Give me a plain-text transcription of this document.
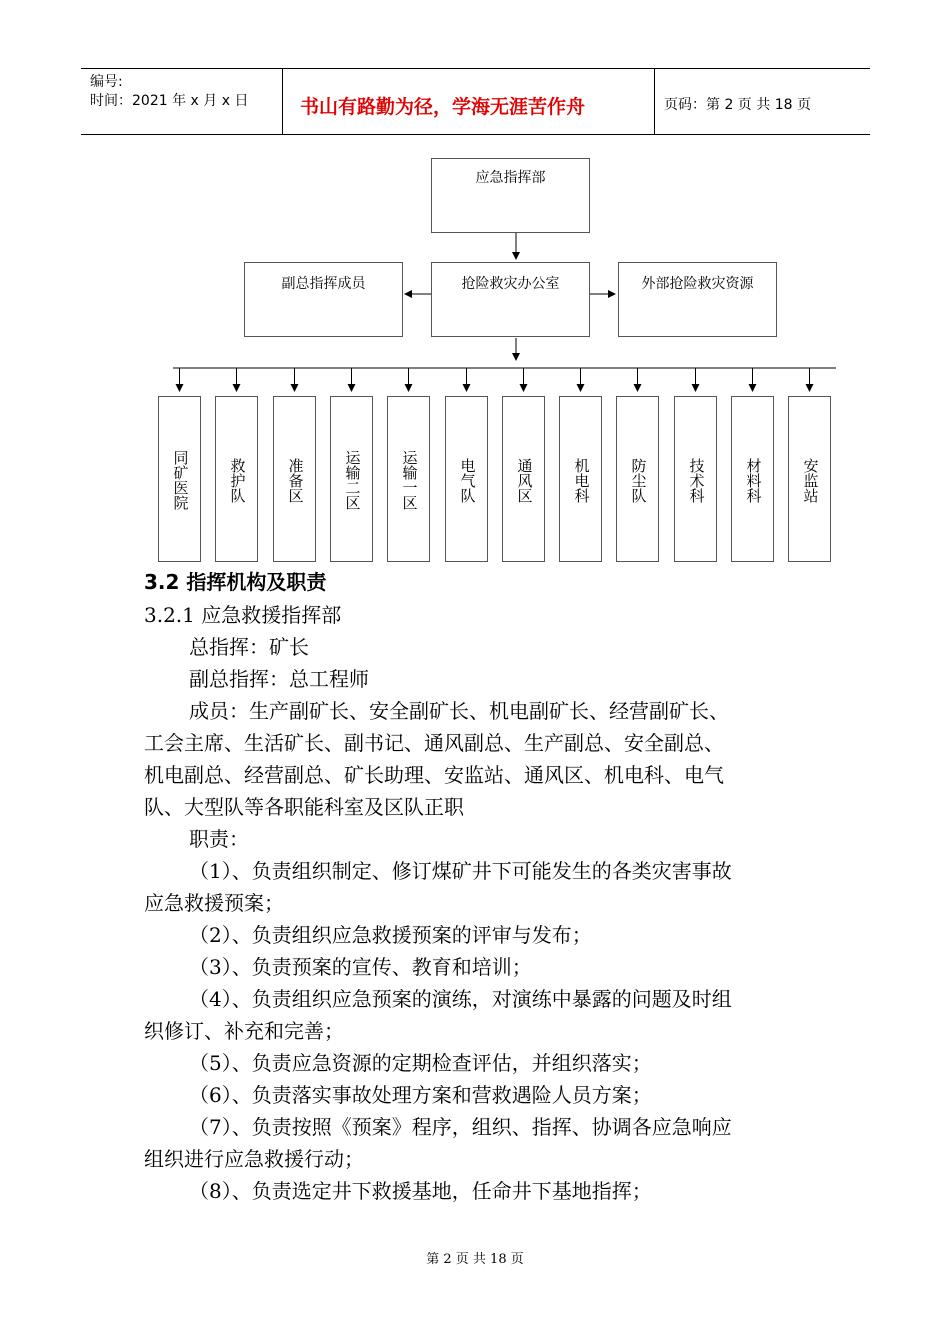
编号:
时间：2021 年 x 月 x 日	书山有路勤为径，学海无涯苦作舟	页码：第 2 页 共 18 页
应急指挥部
抢险救灾办公室
副总指挥成员	外部抢险救灾资源
同矿医院	救护队	准备区	运输二区	运输一区	电气队	通风区	机电科	防尘队	技术科	材料科	安监站
3.2 指挥机构及职责
3.2.1 应急救援指挥部
总指挥：矿长
副总指挥：总工程师
成员：生产副矿长、安全副矿长、机电副矿长、经营副矿长、
工会主席、生活矿长、副书记、通风副总、生产副总、安全副总、
机电副总、经营副总、矿长助理、安监站、通风区、机电科、电气
队、大型队等各职能科室及区队正职
职责：
（1）、负责组织制定、修订煤矿井下可能发生的各类灾害事故
应急救援预案；
（2）、负责组织应急救援预案的评审与发布；
（3）、负责预案的宣传、教育和培训；
（4）、负责组织应急预案的演练，对演练中暴露的问题及时组
织修订、补充和完善；
（5）、负责应急资源的定期检查评估，并组织落实；
（6）、负责落实事故处理方案和营救遇险人员方案；
（7）、负责按照《预案》程序，组织、指挥、协调各应急响应
组织进行应急救援行动；
（8）、负责选定井下救援基地，任命井下基地指挥；
第 2 页 共 18 页
